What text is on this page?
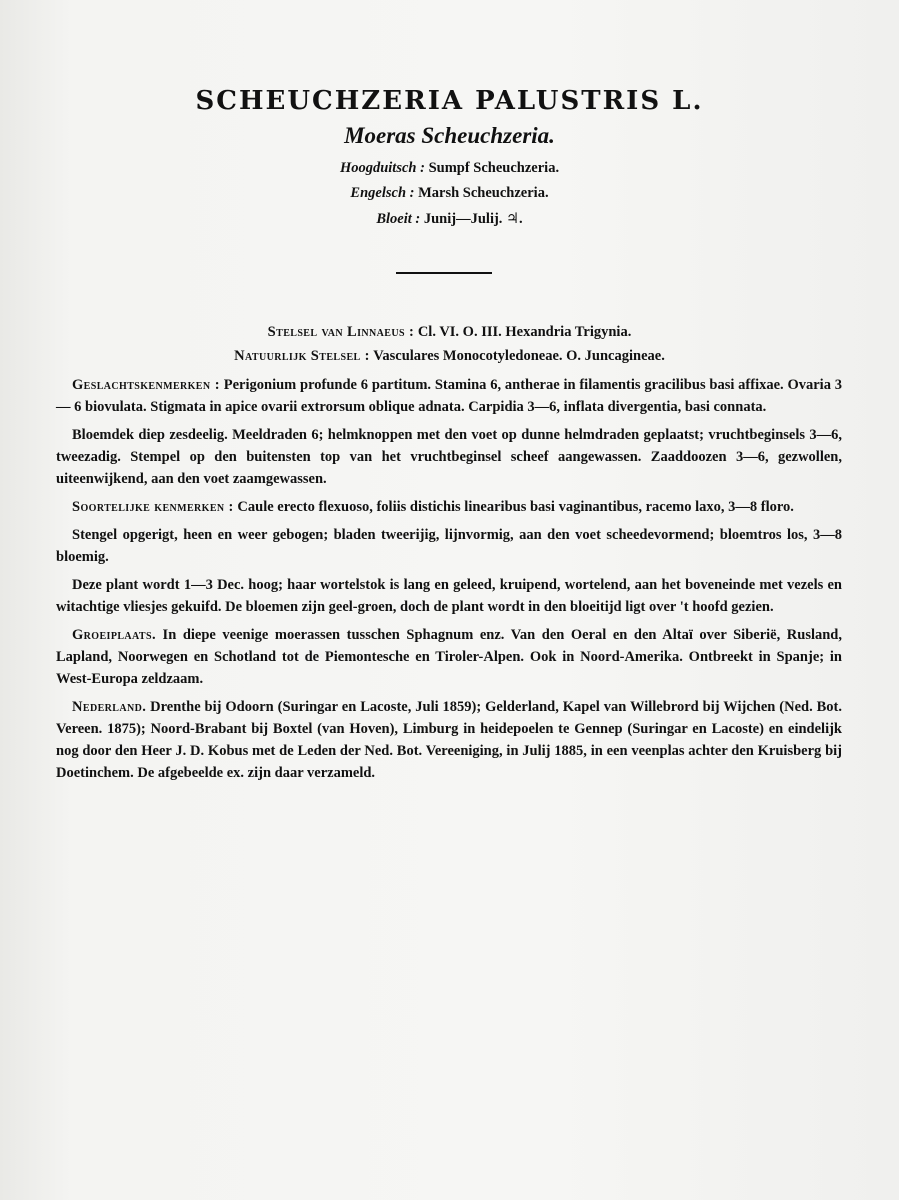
SCHEUCHZERIA PALUSTRIS L.
Moeras Scheuchzeria.

Hoogduitsch : Sumpf Scheuchzeria.

Engelsch : Marsh Scheuchzeria.

Bloeit : Junij—Julij. ♃.

Stelsel van Linnaeus : Cl. VI. O. III. Hexandria Trigynia.

Natuurlijk Stelsel : Vasculares Monocotyledoneae. O. Juncagineae.

Geslachtskenmerken : Perigonium profunde 6 partitum. Stamina 6, antherae in filamentis gracilibus basi affixae. Ovaria 3— 6 biovulata. Stigmata in apice ovarii extrorsum oblique adnata. Carpidia 3—6, inflata divergentia, basi connata.

Bloemdek diep zesdeelig. Meeldraden 6; helmknoppen met den voet op dunne helmdraden geplaatst; vruchtbeginsels 3—6, tweezadig. Stempel op den buitensten top van het vruchtbeginsel scheef aangewassen. Zaaddoozen 3—6, gezwollen, uiteenwijkend, aan den voet zaamgewassen.

Soortelijke kenmerken : Caule erecto flexuoso, foliis distichis linearibus basi vaginantibus, racemo laxo, 3—8 floro.

Stengel opgerigt, heen en weer gebogen; bladen tweerijig, lijnvormig, aan den voet scheedevormend; bloemtros los, 3—8 bloemig.

Deze plant wordt 1—3 Dec. hoog; haar wortelstok is lang en geleed, kruipend, wortelend, aan het boveneinde met vezels en witachtige vliesjes gekuifd. De bloemen zijn geel-groen, doch de plant wordt in den bloeitijd ligt over 't hoofd gezien.

Groeiplaats. In diepe veenige moerassen tusschen Sphagnum enz. Van den Oeral en den Altaï over Siberië, Rusland, Lapland, Noorwegen en Schotland tot de Piemontesche en Tiroler-Alpen. Ook in Noord-Amerika. Ontbreekt in Spanje; in West-Europa zeldzaam.

Nederland. Drenthe bij Odoorn (Suringar en Lacoste, Juli 1859); Gelderland, Kapel van Willebrord bij Wijchen (Ned. Bot. Vereen. 1875); Noord-Brabant bij Boxtel (van Hoven), Limburg in heidepoelen te Gennep (Suringar en Lacoste) en eindelijk nog door den Heer J. D. Kobus met de Leden der Ned. Bot. Vereeniging, in Julij 1885, in een veenplas achter den Kruisberg bij Doetinchem. De afgebeelde ex. zijn daar verzameld.
